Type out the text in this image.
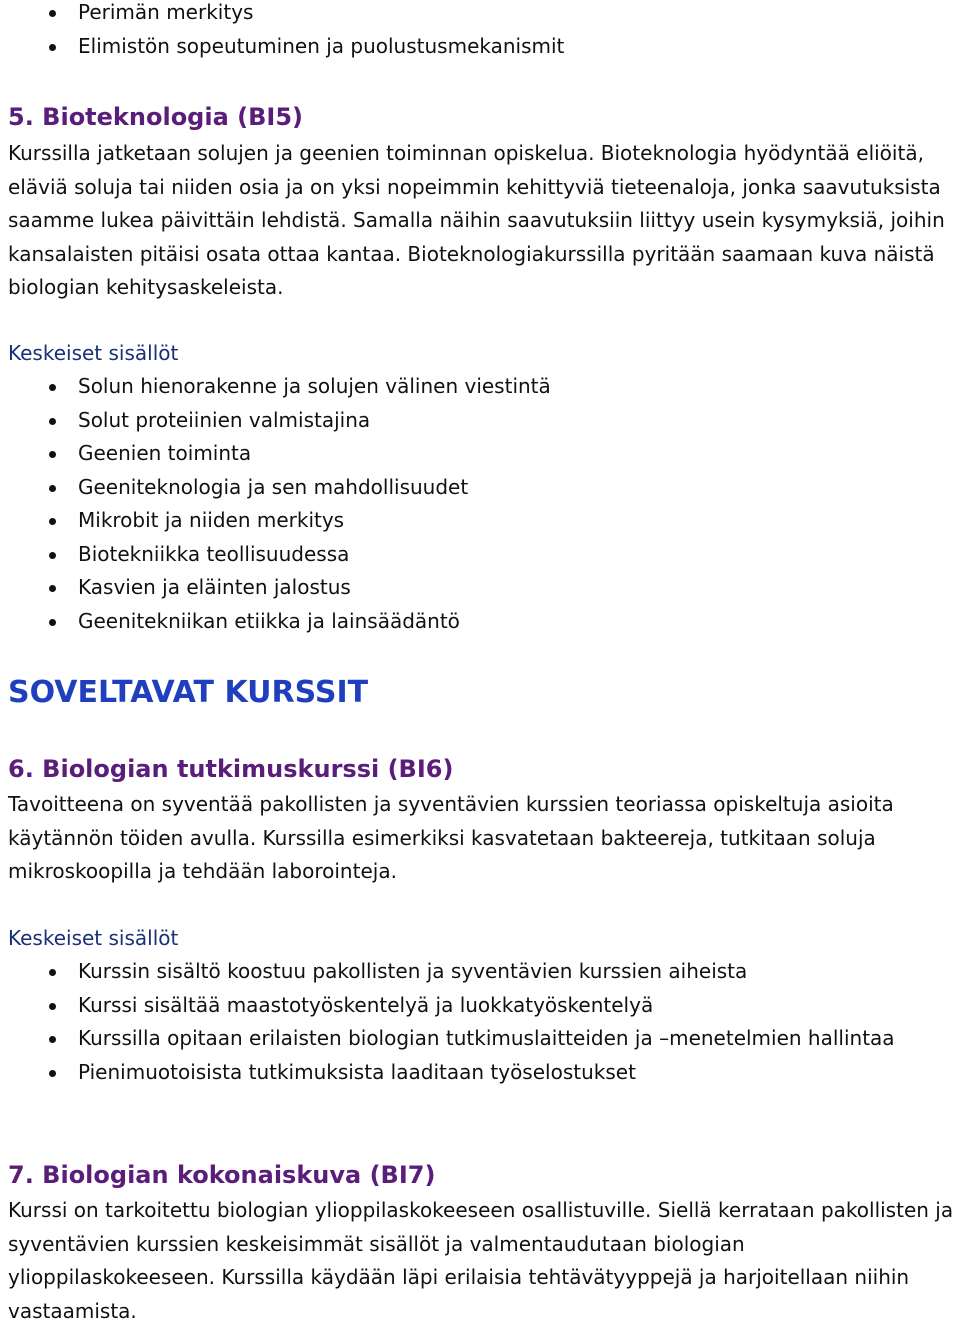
Perimän merkitys
Elimistön sopeutuminen ja puolustusmekanismit
5. Bioteknologia (BI5)
Kurssilla jatketaan solujen ja geenien toiminnan opiskelua. Bioteknologia hyödyntää eliöitä, eläviä soluja tai niiden osia ja on yksi nopeimmin kehittyviä tieteenaloja, jonka saavutuksista saamme lukea päivittäin lehdistä. Samalla näihin saavutuksiin liittyy usein kysymyksiä, joihin kansalaisten pitäisi osata ottaa kantaa. Bioteknologiakurssilla pyritään saamaan kuva näistä biologian kehitysaskeleista.
Keskeiset sisällöt
Solun hienorakenne ja solujen välinen viestintä
Solut proteiinien valmistajina
Geenien toiminta
Geeniteknologia ja sen mahdollisuudet
Mikrobit ja niiden merkitys
Biotekniikka teollisuudessa
Kasvien ja eläinten jalostus
Geenitekniikan etiikka ja lainsäädäntö
SOVELTAVAT KURSSIT
6. Biologian tutkimuskurssi (BI6)
Tavoitteena on syventää pakollisten ja syventävien kurssien teoriassa opiskeltuja asioita käytännön töiden avulla. Kurssilla esimerkiksi kasvatetaan bakteereja, tutkitaan soluja mikroskoopilla ja tehdään laborointeja.
Keskeiset sisällöt
Kurssin sisältö koostuu pakollisten ja syventävien kurssien aiheista
Kurssi sisältää maastotyöskentelyä ja luokkatyöskentelyä
Kurssilla opitaan erilaisten biologian tutkimuslaitteiden ja –menetelmien hallintaa
Pienimuotoisista tutkimuksista laaditaan työselostukset
7. Biologian kokonaiskuva (BI7)
Kurssi on tarkoitettu biologian ylioppilaskokeeseen osallistuville. Siellä kerrataan pakollisten ja syventävien kurssien keskeisimmät sisällöt ja valmentaudutaan biologian ylioppilaskokeeseen. Kurssilla käydään läpi erilaisia tehtävätyyppejä ja harjoitellaan niihin vastaamista.
